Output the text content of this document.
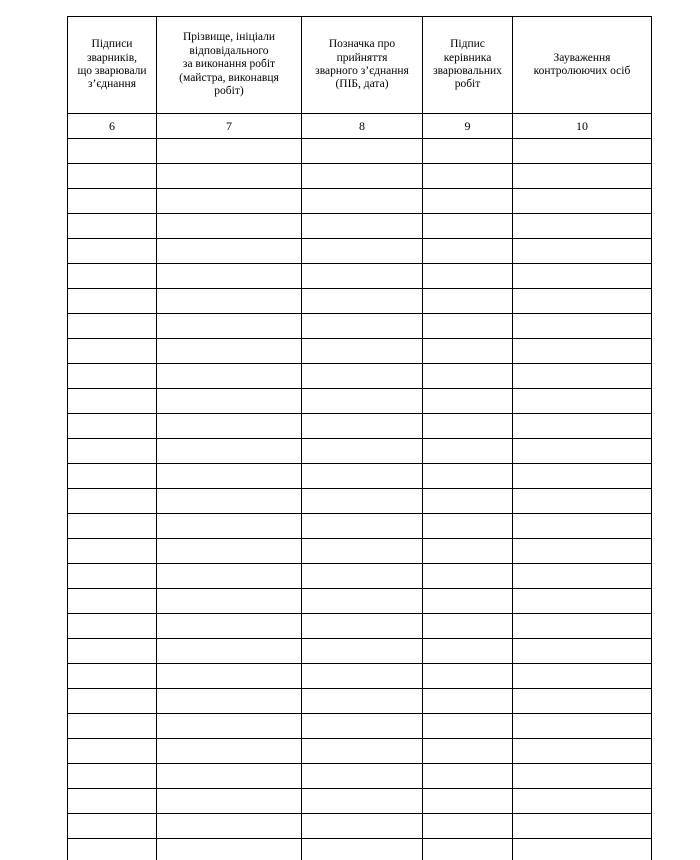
Підписи
зварників,
що зварювали
з’єднання	Прізвище, ініціали
відповідального
за виконання робіт
(майстра, виконавця
робіт)	Позначка про
прийняття
зварного з’єднання
(ПІБ, дата)	Підпис
керівника
зварювальних
робіт	Зауваження
контролюючих осіб
6	7	8	9	10
